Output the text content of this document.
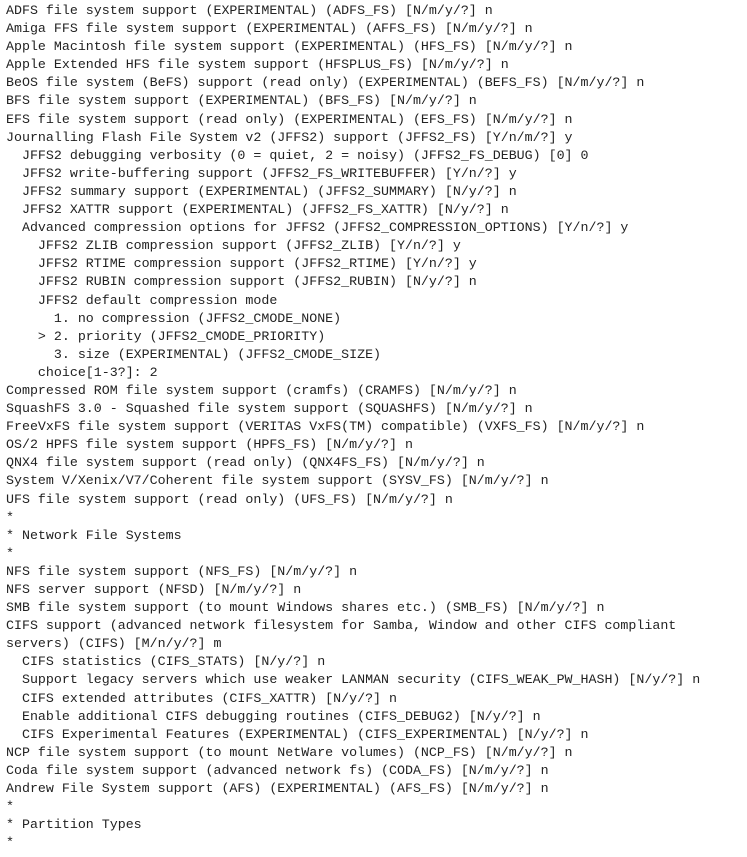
ADFS file system support (EXPERIMENTAL) (ADFS_FS) [N/m/y/?] n
Amiga FFS file system support (EXPERIMENTAL) (AFFS_FS) [N/m/y/?] n
Apple Macintosh file system support (EXPERIMENTAL) (HFS_FS) [N/m/y/?] n
Apple Extended HFS file system support (HFSPLUS_FS) [N/m/y/?] n
BeOS file system (BeFS) support (read only) (EXPERIMENTAL) (BEFS_FS) [N/m/y/?] n
BFS file system support (EXPERIMENTAL) (BFS_FS) [N/m/y/?] n
EFS file system support (read only) (EXPERIMENTAL) (EFS_FS) [N/m/y/?] n
Journalling Flash File System v2 (JFFS2) support (JFFS2_FS) [Y/n/m/?] y
JFFS2 debugging verbosity (0 = quiet, 2 = noisy) (JFFS2_FS_DEBUG) [0] 0
JFFS2 write-buffering support (JFFS2_FS_WRITEBUFFER) [Y/n/?] y
JFFS2 summary support (EXPERIMENTAL) (JFFS2_SUMMARY) [N/y/?] n
JFFS2 XATTR support (EXPERIMENTAL) (JFFS2_FS_XATTR) [N/y/?] n
Advanced compression options for JFFS2 (JFFS2_COMPRESSION_OPTIONS) [Y/n/?] y
JFFS2 ZLIB compression support (JFFS2_ZLIB) [Y/n/?] y
JFFS2 RTIME compression support (JFFS2_RTIME) [Y/n/?] y
JFFS2 RUBIN compression support (JFFS2_RUBIN) [N/y/?] n
JFFS2 default compression mode
1. no compression (JFFS2_CMODE_NONE)
> 2. priority (JFFS2_CMODE_PRIORITY)
3. size (EXPERIMENTAL) (JFFS2_CMODE_SIZE)
choice[1-3?]: 2
Compressed ROM file system support (cramfs) (CRAMFS) [N/m/y/?] n
SquashFS 3.0 - Squashed file system support (SQUASHFS) [N/m/y/?] n
FreeVxFS file system support (VERITAS VxFS(TM) compatible) (VXFS_FS) [N/m/y/?] n
OS/2 HPFS file system support (HPFS_FS) [N/m/y/?] n
QNX4 file system support (read only) (QNX4FS_FS) [N/m/y/?] n
System V/Xenix/V7/Coherent file system support (SYSV_FS) [N/m/y/?] n
UFS file system support (read only) (UFS_FS) [N/m/y/?] n
*
* Network File Systems
*
NFS file system support (NFS_FS) [N/m/y/?] n
NFS server support (NFSD) [N/m/y/?] n
SMB file system support (to mount Windows shares etc.) (SMB_FS) [N/m/y/?] n
CIFS support (advanced network filesystem for Samba, Window and other CIFS compliant
servers) (CIFS) [M/n/y/?] m
CIFS statistics (CIFS_STATS) [N/y/?] n
Support legacy servers which use weaker LANMAN security (CIFS_WEAK_PW_HASH) [N/y/?] n
CIFS extended attributes (CIFS_XATTR) [N/y/?] n
Enable additional CIFS debugging routines (CIFS_DEBUG2) [N/y/?] n
CIFS Experimental Features (EXPERIMENTAL) (CIFS_EXPERIMENTAL) [N/y/?] n
NCP file system support (to mount NetWare volumes) (NCP_FS) [N/m/y/?] n
Coda file system support (advanced network fs) (CODA_FS) [N/m/y/?] n
Andrew File System support (AFS) (EXPERIMENTAL) (AFS_FS) [N/m/y/?] n
*
* Partition Types
*
